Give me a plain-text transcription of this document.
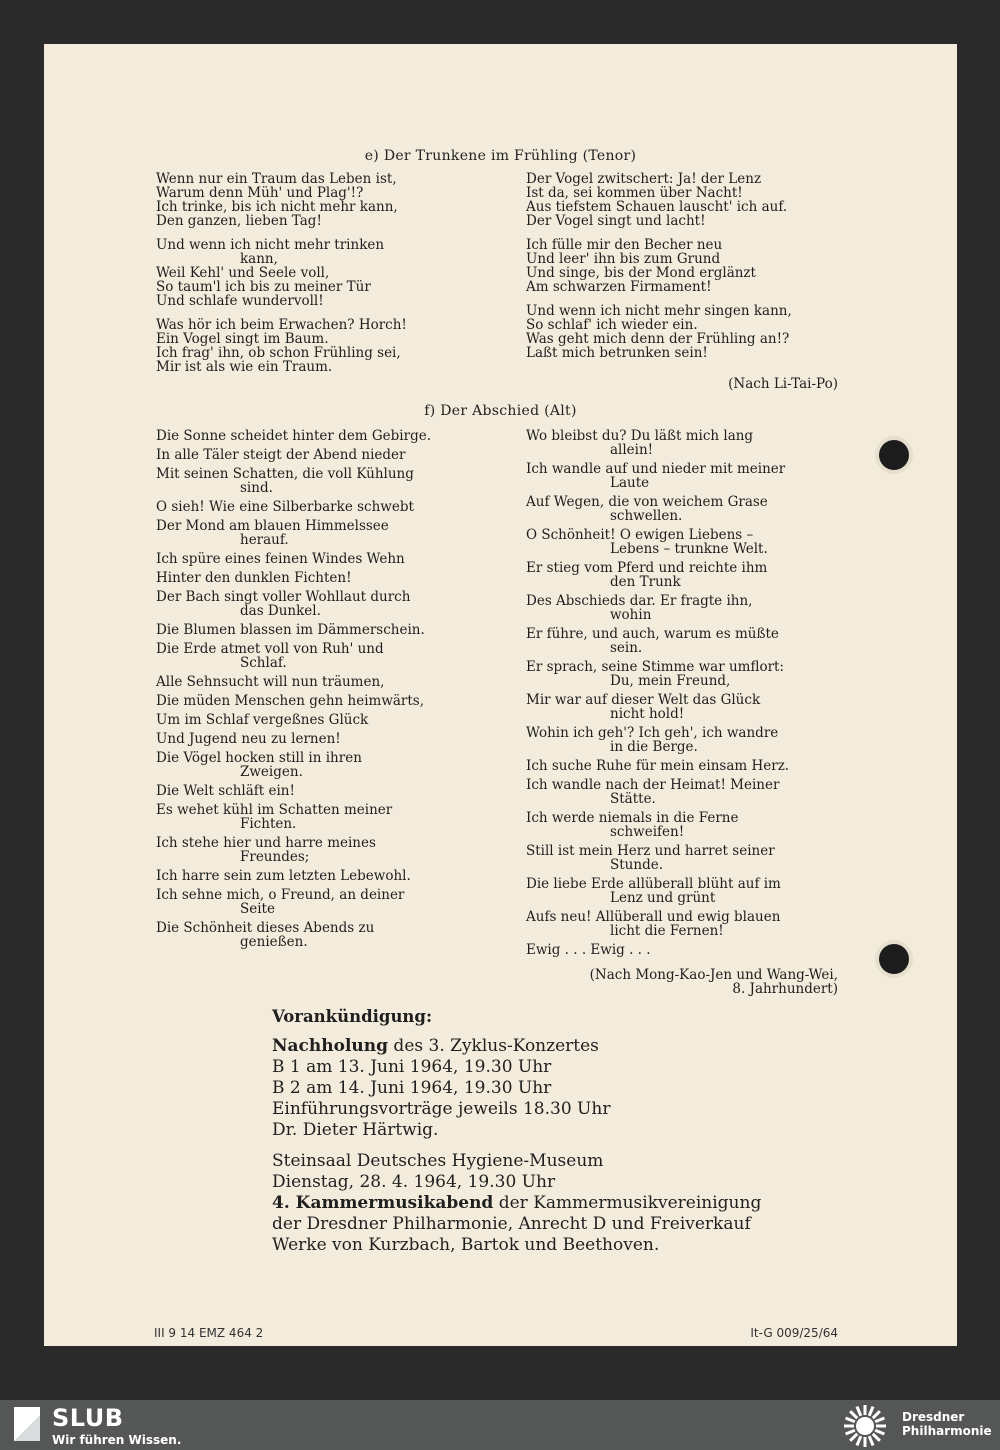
e) Der Trunkene im Frühling (Tenor)
Wenn nur ein Traum das Leben ist,
Warum denn Müh' und Plag'!?
Ich trinke, bis ich nicht mehr kann,
Den ganzen, lieben Tag!
Und wenn ich nicht mehr trinken
kann,
Weil Kehl' und Seele voll,
So taum'l ich bis zu meiner Tür
Und schlafe wundervoll!
Was hör ich beim Erwachen? Horch!
Ein Vogel singt im Baum.
Ich frag' ihn, ob schon Frühling sei,
Mir ist als wie ein Traum.
Der Vogel zwitschert: Ja! der Lenz
Ist da, sei kommen über Nacht!
Aus tiefstem Schauen lauscht' ich auf.
Der Vogel singt und lacht!
Ich fülle mir den Becher neu
Und leer' ihn bis zum Grund
Und singe, bis der Mond erglänzt
Am schwarzen Firmament!
Und wenn ich nicht mehr singen kann,
So schlaf' ich wieder ein.
Was geht mich denn der Frühling an!?
Laßt mich betrunken sein!
(Nach Li-Tai-Po)
f) Der Abschied (Alt)
Die Sonne scheidet hinter dem Gebirge.
In alle Täler steigt der Abend nieder
Mit seinen Schatten, die voll Kühlung
sind.
O sieh! Wie eine Silberbarke schwebt
Der Mond am blauen Himmelssee
herauf.
Ich spüre eines feinen Windes Wehn
Hinter den dunklen Fichten!
Der Bach singt voller Wohllaut durch
das Dunkel.
Die Blumen blassen im Dämmerschein.
Die Erde atmet voll von Ruh' und
Schlaf.
Alle Sehnsucht will nun träumen,
Die müden Menschen gehn heimwärts,
Um im Schlaf vergeßnes Glück
Und Jugend neu zu lernen!
Die Vögel hocken still in ihren
Zweigen.
Die Welt schläft ein!
Es wehet kühl im Schatten meiner
Fichten.
Ich stehe hier und harre meines
Freundes;
Ich harre sein zum letzten Lebewohl.
Ich sehne mich, o Freund, an deiner
Seite
Die Schönheit dieses Abends zu
genießen.
Wo bleibst du? Du läßt mich lang
allein!
Ich wandle auf und nieder mit meiner
Laute
Auf Wegen, die von weichem Grase
schwellen.
O Schönheit! O ewigen Liebens –
Lebens – trunkne Welt.
Er stieg vom Pferd und reichte ihm
den Trunk
Des Abschieds dar. Er fragte ihn,
wohin
Er führe, und auch, warum es müßte
sein.
Er sprach, seine Stimme war umflort:
Du, mein Freund,
Mir war auf dieser Welt das Glück
nicht hold!
Wohin ich geh'? Ich geh', ich wandre
in die Berge.
Ich suche Ruhe für mein einsam Herz.
Ich wandle nach der Heimat! Meiner
Stätte.
Ich werde niemals in die Ferne
schweifen!
Still ist mein Herz und harret seiner
Stunde.
Die liebe Erde allüberall blüht auf im
Lenz und grünt
Aufs neu! Allüberall und ewig blauen
licht die Fernen!
Ewig . . . Ewig . . .
(Nach Mong-Kao-Jen und Wang-Wei,
8. Jahrhundert)
Vorankündigung:
Nachholung des 3. Zyklus-Konzertes
B 1 am 13. Juni 1964, 19.30 Uhr
B 2 am 14. Juni 1964, 19.30 Uhr
Einführungsvorträge jeweils 18.30 Uhr
Dr. Dieter Härtwig.
Steinsaal Deutsches Hygiene-Museum
Dienstag, 28. 4. 1964, 19.30 Uhr
4. Kammermusikabend der Kammermusikvereinigung
der Dresdner Philharmonie, Anrecht D und Freiverkauf
Werke von Kurzbach, Bartok und Beethoven.
III 9 14 EMZ 464 2	It-G 009/25/64
SLUB
Wir führen Wissen.
Dresdner
Philharmonie
